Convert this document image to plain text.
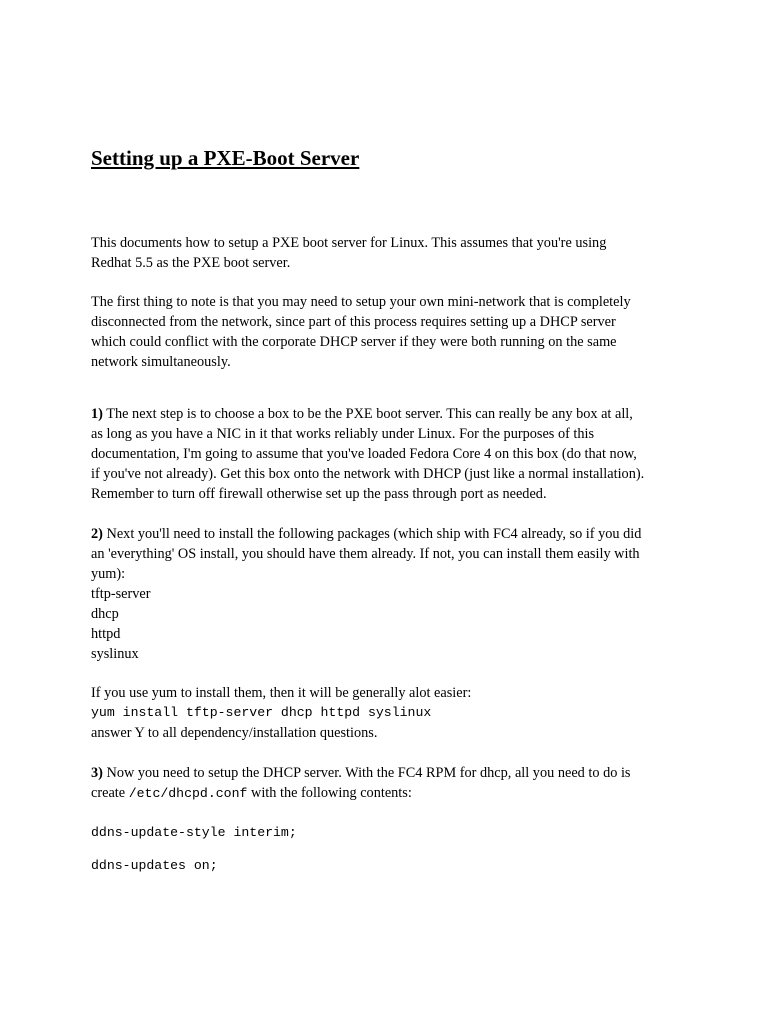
Setting up a PXE-Boot Server
This documents how to setup a PXE boot server for Linux. This assumes that you're using
Redhat 5.5 as the PXE boot server.
The first thing to note is that you may need to setup your own mini-network that is completely
disconnected from the network, since part of this process requires setting up a DHCP server
which could conflict with the corporate DHCP server if they were both running on the same
network simultaneously.
1) The next step is to choose a box to be the PXE boot server. This can really be any box at all,
as long as you have a NIC in it that works reliably under Linux. For the purposes of this
documentation, I'm going to assume that you've loaded Fedora Core 4 on this box (do that now,
if you've not already). Get this box onto the network with DHCP (just like a normal installation).
Remember to turn off firewall otherwise set up the pass through port as needed.
2) Next you'll need to install the following packages (which ship with FC4 already, so if you did
an 'everything' OS install, you should have them already. If not, you can install them easily with
yum):
tftp-server
dhcp
httpd
syslinux
If you use yum to install them, then it will be generally alot easier:
yum install tftp-server dhcp httpd syslinux
answer Y to all dependency/installation questions.
3) Now you need to setup the DHCP server. With the FC4 RPM for dhcp, all you need to do is
create /etc/dhcpd.conf with the following contents:
ddns-update-style interim;
ddns-updates on;
